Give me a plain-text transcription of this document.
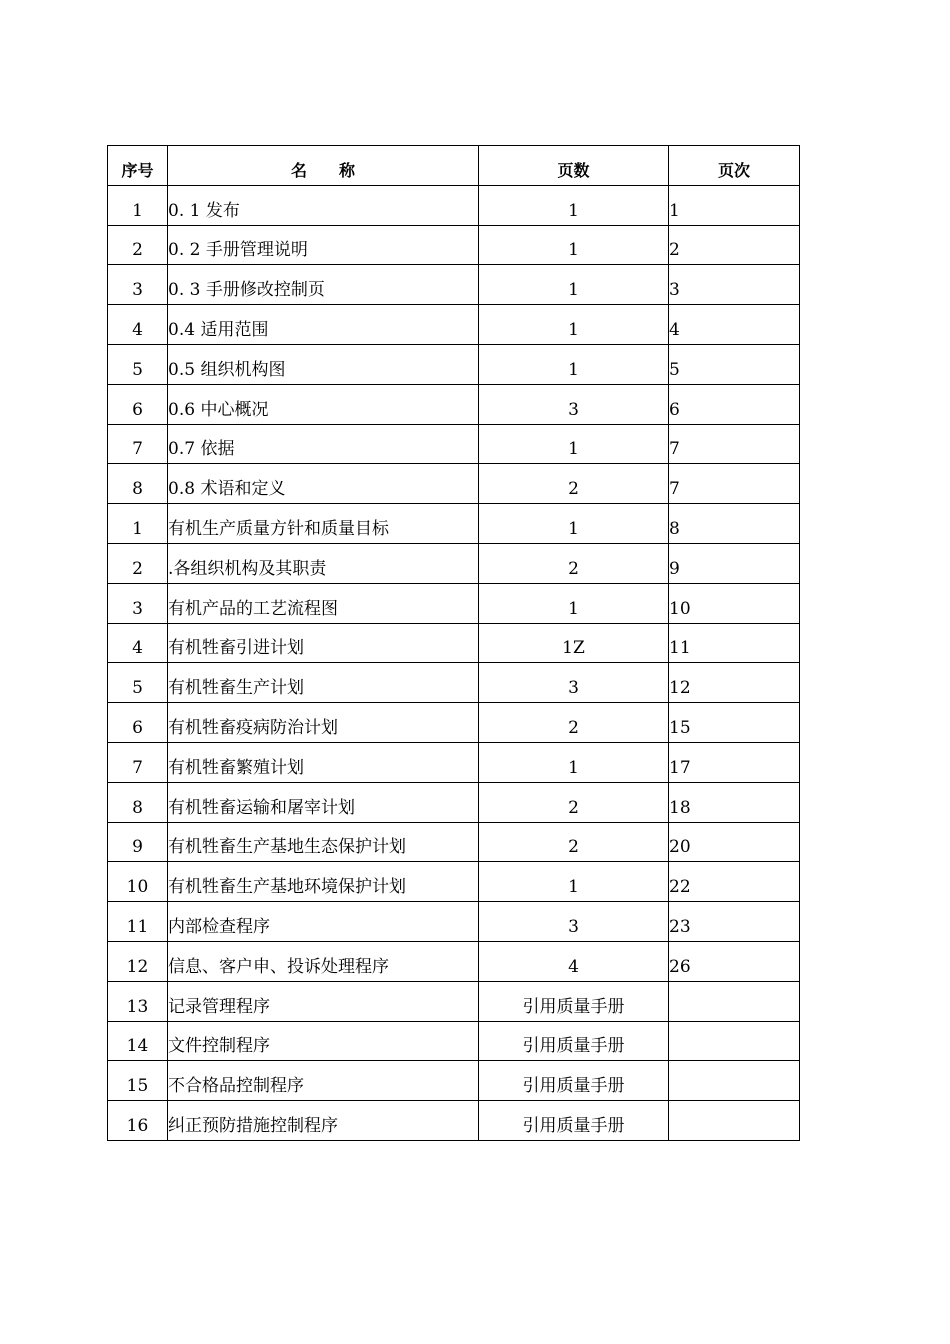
序号	名　　称	页数	页次
1	0. 1 发布	1	1
2	0. 2 手册管理说明	1	2
3	0. 3 手册修改控制页	1	3
4	0.4 适用范围	1	4
5	0.5 组织机构图	1	5
6	0.6 中心概况	3	6
7	0.7 依据	1	7
8	0.8 术语和定义	2	7
1	有机生产质量方针和质量目标	1	8
2	.各组织机构及其职责	2	9
3	有机产品的工艺流程图	1	10
4	有机牲畜引进计划	1Z	11
5	有机牲畜生产计划	3	12
6	有机牲畜疫病防治计划	2	15
7	有机牲畜繁殖计划	1	17
8	有机牲畜运输和屠宰计划	2	18
9	有机牲畜生产基地生态保护计划	2	20
10	有机牲畜生产基地环境保护计划	1	22
11	内部检查程序	3	23
12	信息、客户申、投诉处理程序	4	26
13	记录管理程序	引用质量手册	
14	文件控制程序	引用质量手册	
15	不合格品控制程序	引用质量手册	
16	纠正预防措施控制程序	引用质量手册	
